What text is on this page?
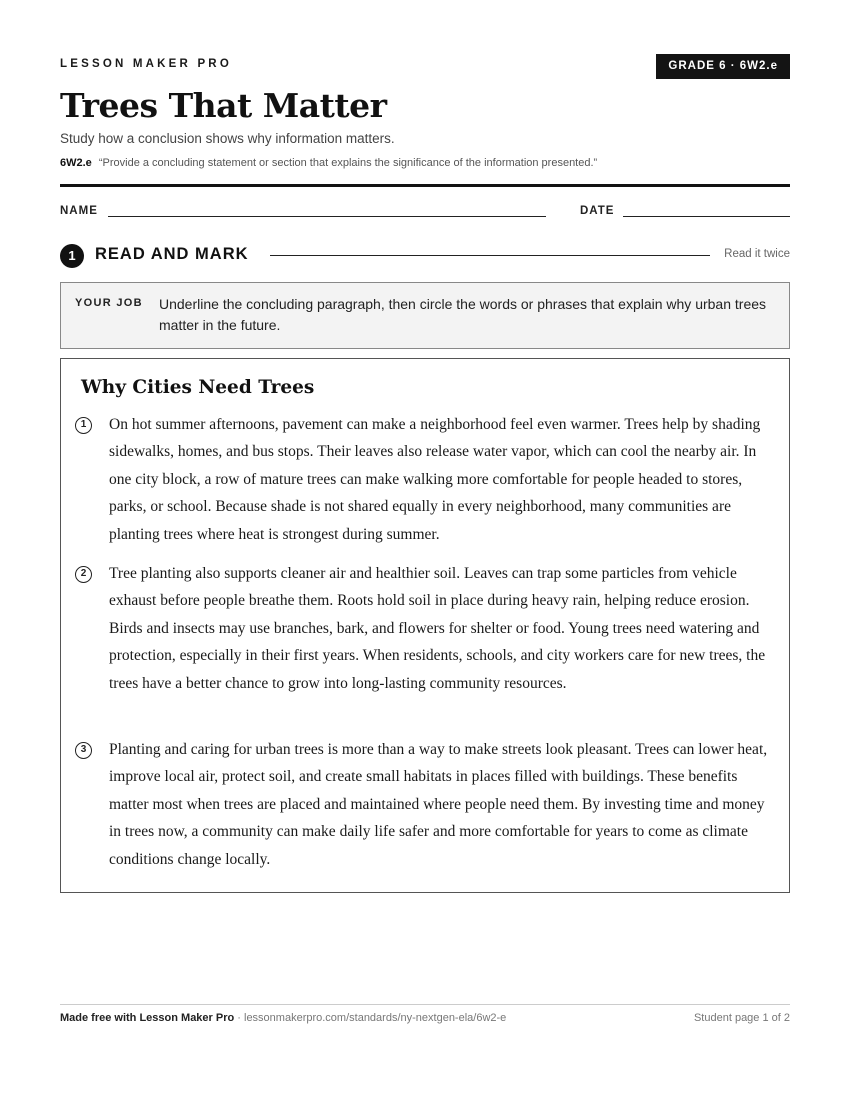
LESSON MAKER PRO	GRADE 6 · 6W2.e
Trees That Matter
Study how a conclusion shows why information matters.
6W2.e “Provide a concluding statement or section that explains the significance of the information presented.”
NAME	DATE
1	READ AND MARK	Read it twice
YOUR JOB Underline the concluding paragraph, then circle the words or phrases that explain why urban trees matter in the future.
Why Cities Need Trees
1	On hot summer afternoons, pavement can make a neighborhood feel even warmer. Trees help by shading sidewalks, homes, and bus stops. Their leaves also release water vapor, which can cool the nearby air. In one city block, a row of mature trees can make walking more comfortable for people headed to stores, parks, or school. Because shade is not shared equally in every neighborhood, many communities are planting trees where heat is strongest during summer.

2	Tree planting also supports cleaner air and healthier soil. Leaves can trap some particles from vehicle exhaust before people breathe them. Roots hold soil in place during heavy rain, helping reduce erosion. Birds and insects may use branches, bark, and flowers for shelter or food. Young trees need watering and protection, especially in their first years. When residents, schools, and city workers care for new trees, the trees have a better chance to grow into long-lasting community resources.

3	Planting and caring for urban trees is more than a way to make streets look pleasant. Trees can lower heat, improve local air, protect soil, and create small habitats in places filled with buildings. These benefits matter most when trees are placed and maintained where people need them. By investing time and money in trees now, a community can make daily life safer and more comfortable for years to come as climate conditions change locally.

Made free with Lesson Maker Pro · lessonmakerpro.com/standards/ny-nextgen-ela/6w2-e	Student page 1 of 2
